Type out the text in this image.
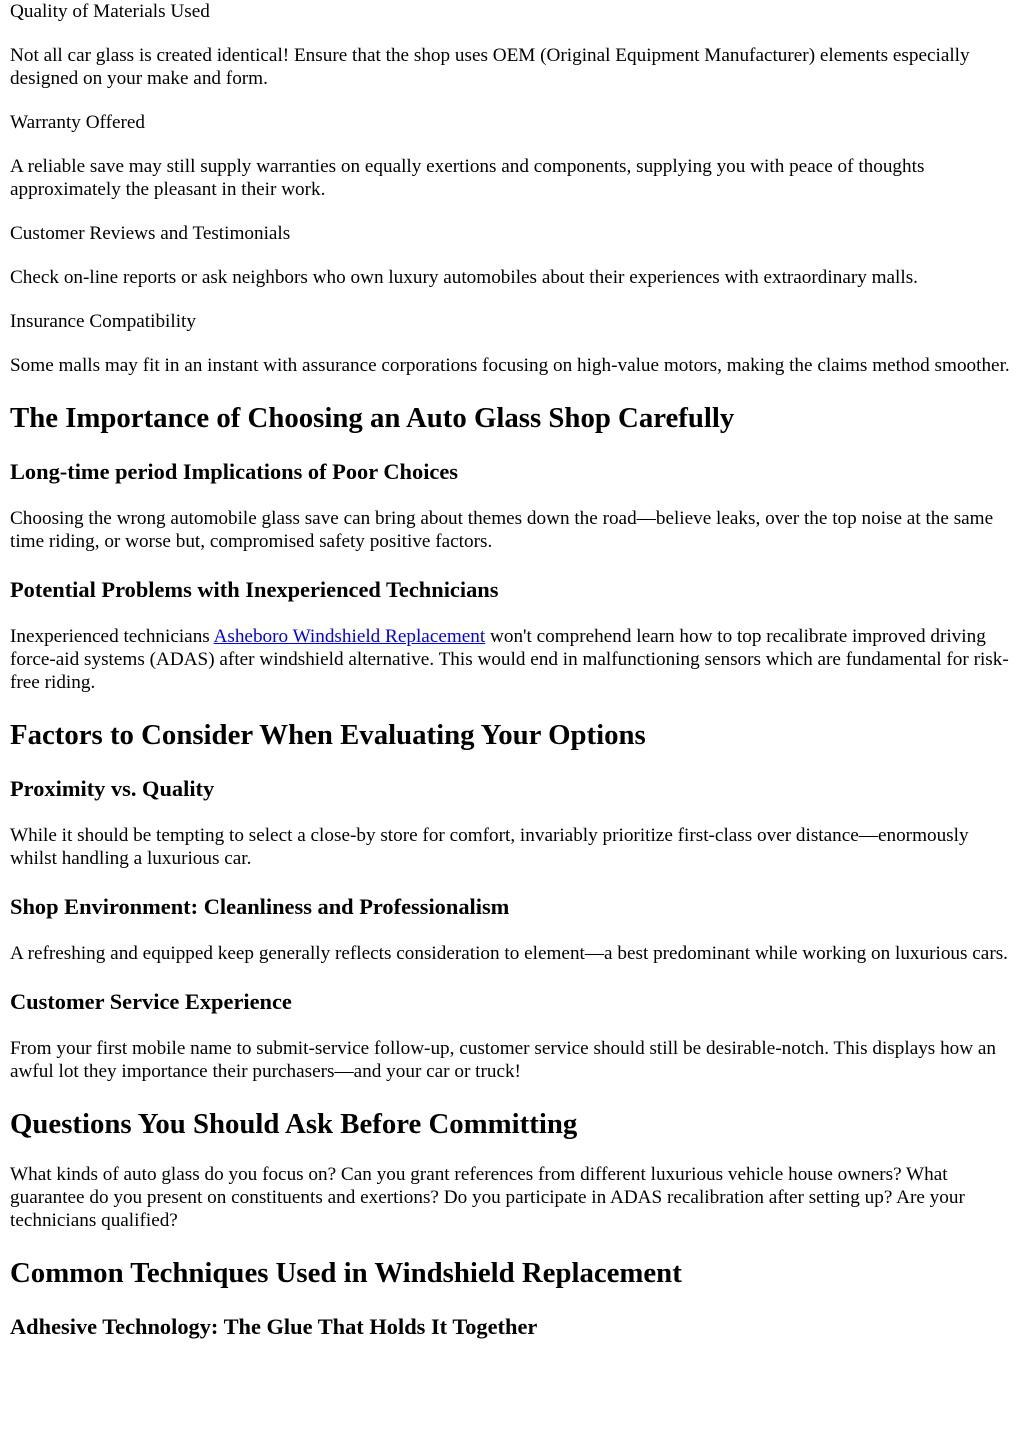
Quality of Materials Used

Not all car glass is created identical! Ensure that the shop uses OEM (Original Equipment Manufacturer) elements especially designed on your make and form.

Warranty Offered

A reliable save may still supply warranties on equally exertions and components, supplying you with peace of thoughts approximately the pleasant in their work.

Customer Reviews and Testimonials

Check on-line reports or ask neighbors who own luxury automobiles about their experiences with extraordinary malls.

Insurance Compatibility

Some malls may fit in an instant with assurance corporations focusing on high-value motors, making the claims method smoother.

The Importance of Choosing an Auto Glass Shop Carefully
Long-time period Implications of Poor Choices

Choosing the wrong automobile glass save can bring about themes down the road—believe leaks, over the top noise at the same time riding, or worse but, compromised safety positive factors.

Potential Problems with Inexperienced Technicians

Inexperienced technicians Asheboro Windshield Replacement won't comprehend learn how to top recalibrate improved driving force-aid systems (ADAS) after windshield alternative. This would end in malfunctioning sensors which are fundamental for risk-free riding.

Factors to Consider When Evaluating Your Options
Proximity vs. Quality

While it should be tempting to select a close-by store for comfort, invariably prioritize first-class over distance—enormously whilst handling a luxurious car.

Shop Environment: Cleanliness and Professionalism

A refreshing and equipped keep generally reflects consideration to element—a best predominant while working on luxurious cars.

Customer Service Experience

From your first mobile name to submit-service follow-up, customer service should still be desirable-notch. This displays how an awful lot they importance their purchasers—and your car or truck!

Questions You Should Ask Before Committing

What kinds of auto glass do you focus on? Can you grant references from different luxurious vehicle house owners? What guarantee do you present on constituents and exertions? Do you participate in ADAS recalibration after setting up? Are your technicians qualified?

Common Techniques Used in Windshield Replacement
Adhesive Technology: The Glue That Holds It Together
